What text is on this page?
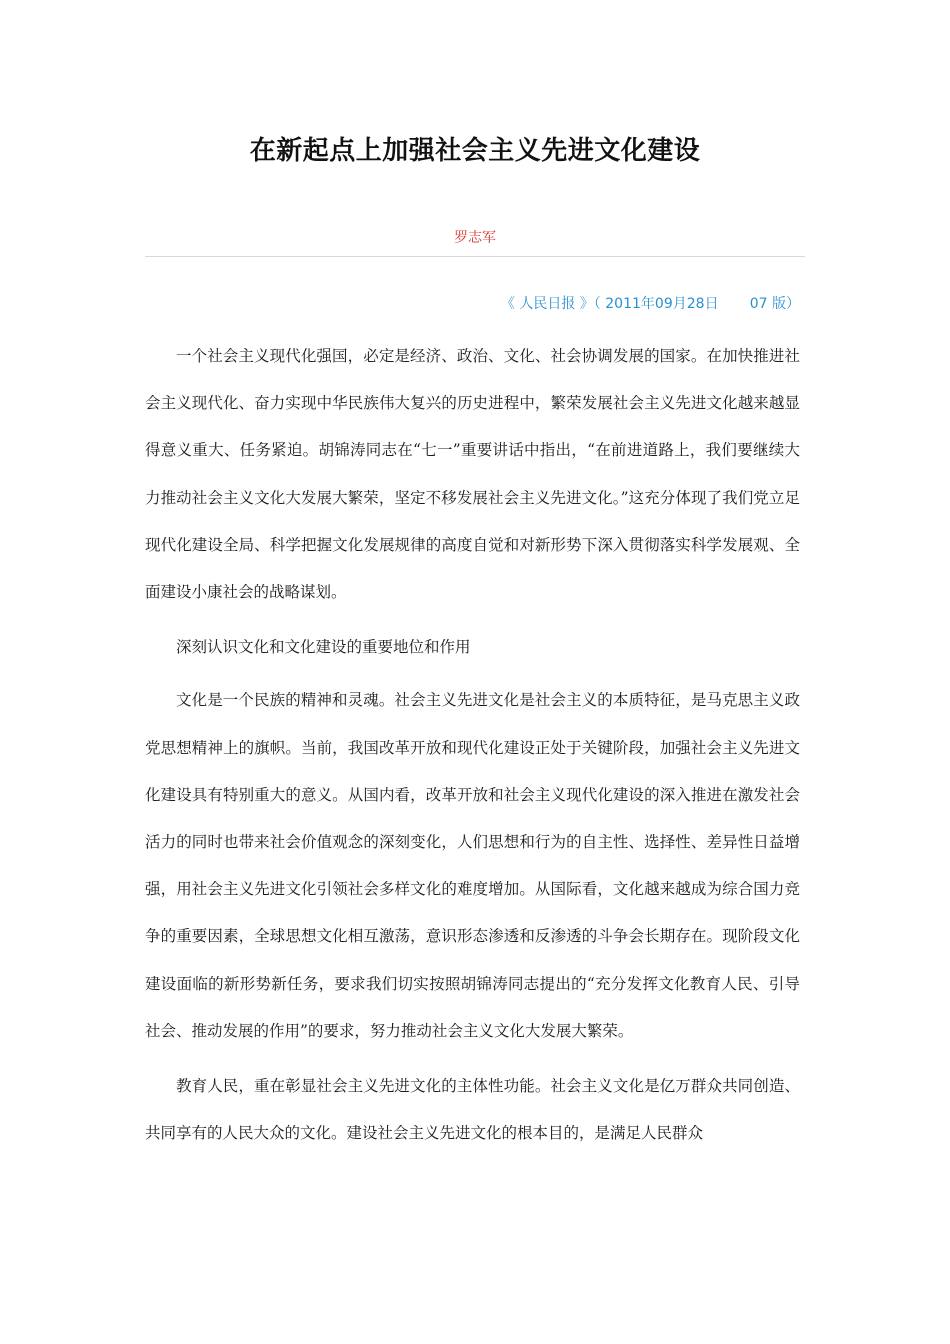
在新起点上加强社会主义先进文化建设
罗志军
《 人民日报 》（ 2011年09月28日 07 版）

一个社会主义现代化强国，必定是经济、政治、文化、社会协调发展的国家。在加快推进社会主义现代化、奋力实现中华民族伟大复兴的历史进程中，繁荣发展社会主义先进文化越来越显得意义重大、任务紧迫。胡锦涛同志在“七一”重要讲话中指出，“在前进道路上，我们要继续大力推动社会主义文化大发展大繁荣，坚定不移发展社会主义先进文化。”这充分体现了我们党立足现代化建设全局、科学把握文化发展规律的高度自觉和对新形势下深入贯彻落实科学发展观、全面建设小康社会的战略谋划。

深刻认识文化和文化建设的重要地位和作用

文化是一个民族的精神和灵魂。社会主义先进文化是社会主义的本质特征，是马克思主义政党思想精神上的旗帜。当前，我国改革开放和现代化建设正处于关键阶段，加强社会主义先进文化建设具有特别重大的意义。从国内看，改革开放和社会主义现代化建设的深入推进在激发社会活力的同时也带来社会价值观念的深刻变化，人们思想和行为的自主性、选择性、差异性日益增强，用社会主义先进文化引领社会多样文化的难度增加。从国际看，文化越来越成为综合国力竞争的重要因素，全球思想文化相互激荡，意识形态渗透和反渗透的斗争会长期存在。现阶段文化建设面临的新形势新任务，要求我们切实按照胡锦涛同志提出的“充分发挥文化教育人民、引导社会、推动发展的作用”的要求，努力推动社会主义文化大发展大繁荣。

教育人民，重在彰显社会主义先进文化的主体性功能。社会主义文化是亿万群众共同创造、共同享有的人民大众的文化。建设社会主义先进文化的根本目的，是满足人民群众
